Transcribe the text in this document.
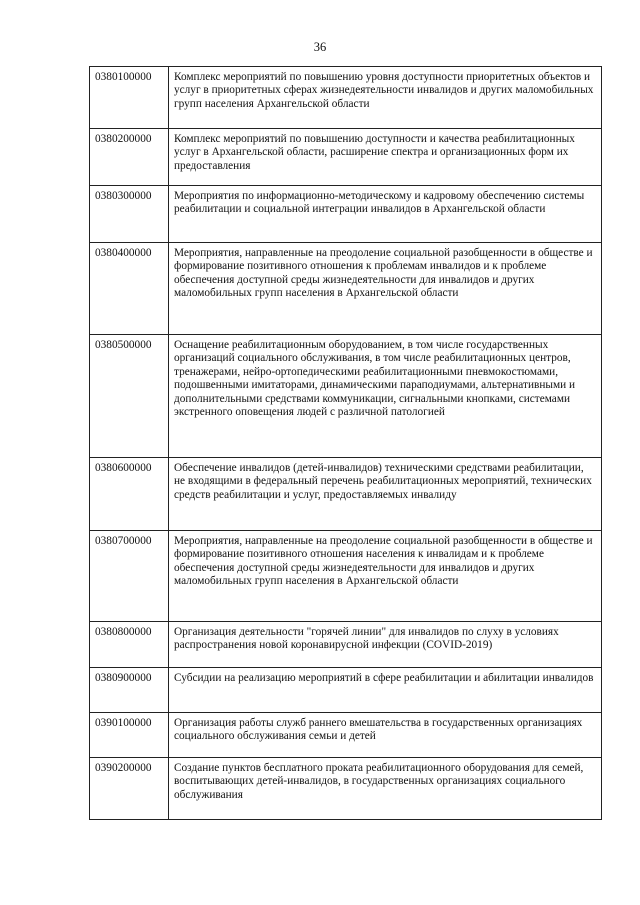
36
0380100000	Комплекс мероприятий по повышению уровня доступности приоритетных объектов и услуг в приоритетных сферах жизнедеятельности инвалидов и других маломобильных групп населения Архангельской области
0380200000	Комплекс мероприятий по повышению доступности и качества реабилитационных услуг в Архангельской области, расширение спектра и организационных форм их предоставления
0380300000	Мероприятия по информационно-методическому и кадровому обеспечению системы реабилитации и социальной интеграции инвалидов в Архангельской области
0380400000	Мероприятия, направленные на преодоление социальной разобщенности в обществе и формирование позитивного отношения к проблемам инвалидов и к проблеме обеспечения доступной среды жизнедеятельности для инвалидов и других маломобильных групп населения в Архангельской области
0380500000	Оснащение реабилитационным оборудованием, в том числе государственных организаций социального обслуживания, в том числе реабилитационных центров, тренажерами, нейро-ортопедическими реабилитационными пневмокостюмами, подошвенными имитаторами, динамическими параподиумами, альтернативными и дополнительными средствами коммуникации, сигнальными кнопками, системами экстренного оповещения людей с различной патологией
0380600000	Обеспечение инвалидов (детей-инвалидов) техническими средствами реабилитации, не входящими в федеральный перечень реабилитационных мероприятий, технических средств реабилитации и услуг, предоставляемых инвалиду
0380700000	Мероприятия, направленные на преодоление социальной разобщенности в обществе и формирование позитивного отношения населения к инвалидам и к проблеме обеспечения доступной среды жизнедеятельности для инвалидов и других маломобильных групп населения в Архангельской области
0380800000	Организация деятельности "горячей линии" для инвалидов по слуху в условиях распространения новой коронавирусной инфекции (COVID-2019)
0380900000	Субсидии на реализацию мероприятий в сфере реабилитации и абилитации инвалидов
0390100000	Организация работы служб раннего вмешательства в государственных организациях социального обслуживания семьи и детей
0390200000	Создание пунктов бесплатного проката реабилитационного оборудования для семей, воспитывающих детей-инвалидов, в государственных организациях социального обслуживания
